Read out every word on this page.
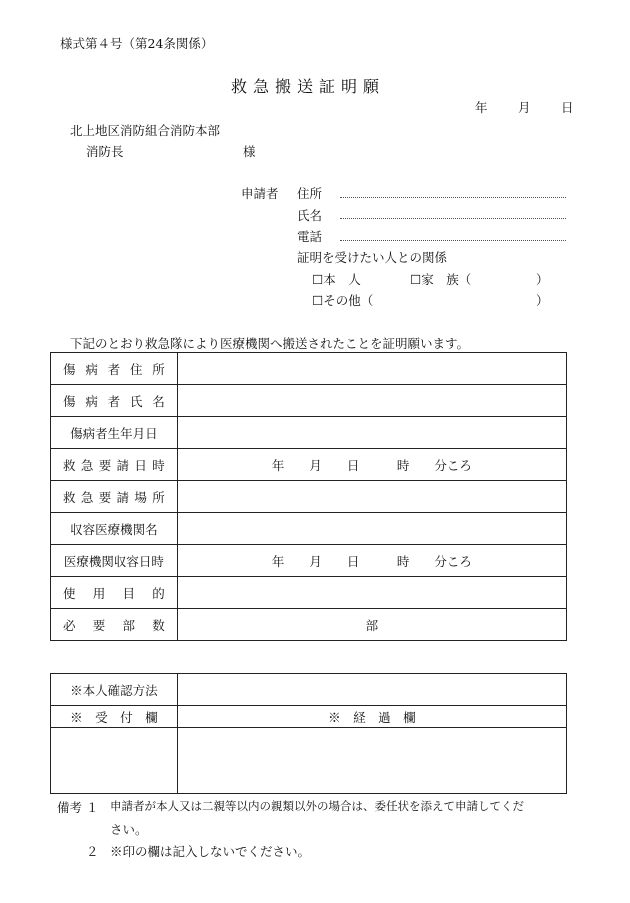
様式第４号（第24条関係）
救急搬送証明願
年 月 日
北上地区消防組合消防本部
消防長	様
申請者 住所
氏名
電話
証明を受けたい人との関係
☐本　人	☐家　族（	）
☐その他（	）
下記のとおり救急隊により医療機関へ搬送されたことを証明願います。
傷病者住所	
傷病者氏名	
傷病者生年月日	
救急要請日時	年　　月　　日　　　時　　分ころ
救急要請場所	
収容医療機関名	
医療機関収容日時	年　　月　　日　　　時　　分ころ
使用目的	
必要部数	部
※本人確認方法	
※　受　付　欄	※　経　過　欄

備考 １ 申請者が本人又は二親等以内の親類以外の場合は、委任状を添えて申請してくだ
さい。
２ ※印の欄は記入しないでください。
